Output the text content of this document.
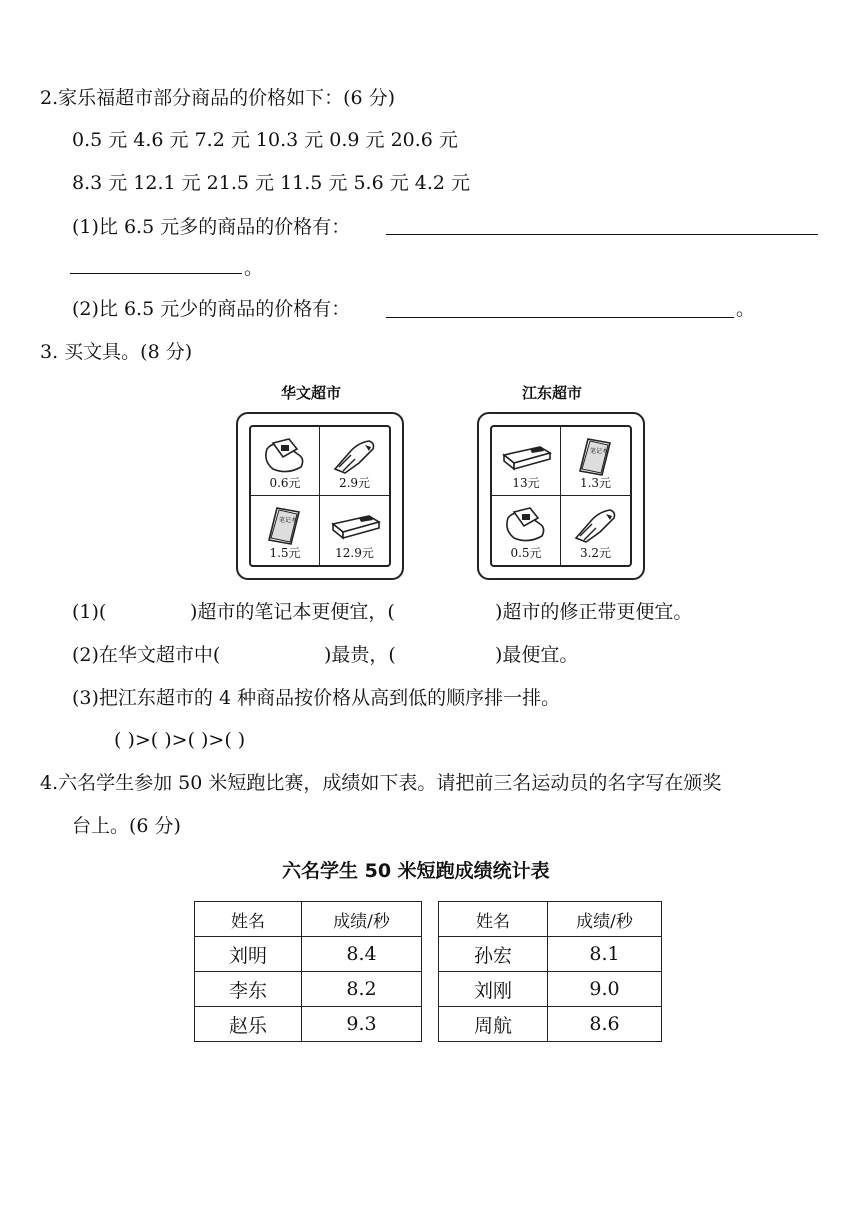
2.家乐福超市部分商品的价格如下：(6 分)
0.5 元 4.6 元 7.2 元 10.3 元 0.9 元 20.6 元
8.3 元 12.1 元 21.5 元 11.5 元 5.6 元 4.2 元
(1)比 6.5 元多的商品的价格有：
。
(2)比 6.5 元少的商品的价格有：	。
3. 买文具。(8 分)
华文超市	江东超市
0.6元	2.9元
笔记本
1.5元	12.9元
13元
笔记本
1.3元
0.5元	3.2元
(1)(	)超市的笔记本更便宜，(	)超市的修正带更便宜。
(2)在华文超市中(	)最贵，(	)最便宜。
(3)把江东超市的 4 种商品按价格从高到低的顺序排一排。
( )>( )>( )>( )
4.六名学生参加 50 米短跑比赛，成绩如下表。请把前三名运动员的名字写在颁奖
台上。(6 分)
六名学生 50 米短跑成绩统计表
姓名	成绩/秒
刘明	8.4
李东	8.2
赵乐	9.3
姓名	成绩/秒
孙宏	8.1
刘刚	9.0
周航	8.6
